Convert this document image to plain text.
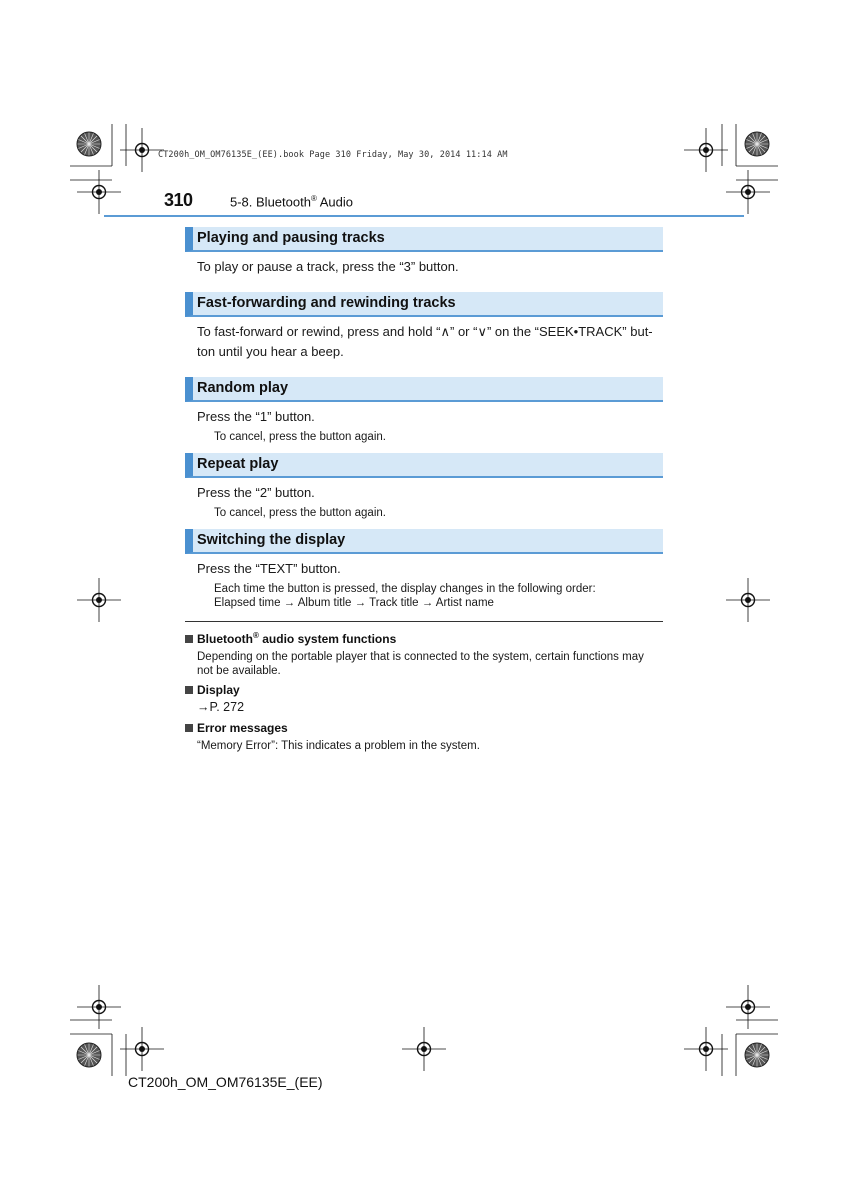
CT200h_OM_OM76135E_(EE).book Page 310 Friday, May 30, 2014 11:14 AM
310	5-8. Bluetooth® Audio
Playing and pausing tracks
To play or pause a track, press the “3” button.
Fast-forwarding and rewinding tracks
To fast-forward or rewind, press and hold “∧” or “∨” on the “SEEK•TRACK” but-ton until you hear a beep.
Random play
Press the “1” button.
To cancel, press the button again.
Repeat play
Press the “2” button.
To cancel, press the button again.
Switching the display
Press the “TEXT” button.
Each time the button is pressed, the display changes in the following order:
Elapsed time → Album title → Track title → Artist name
Bluetooth® audio system functions
Depending on the portable player that is connected to the system, certain functions may not be available.
Display
→P. 272
Error messages
“Memory Error”: This indicates a problem in the system.
CT200h_OM_OM76135E_(EE)
